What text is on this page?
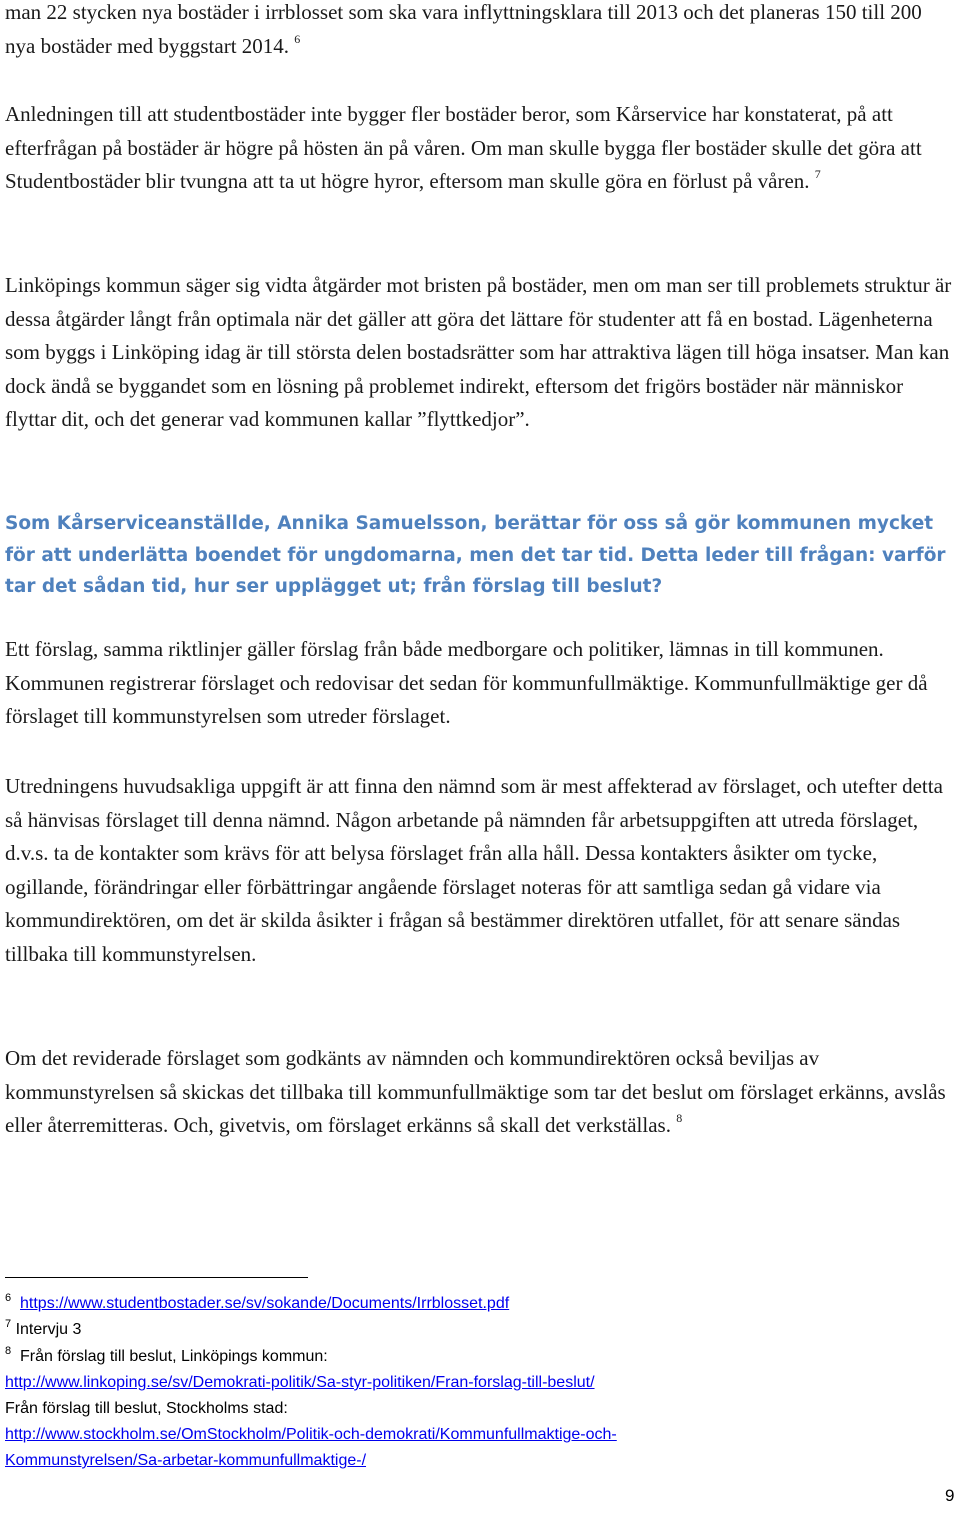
man 22 stycken nya bostäder i irrblosset som ska vara inflyttningsklara till 2013 och det planeras 150 till 200 nya bostäder med byggstart 2014. $^6$

Anledningen till att studentbostäder inte bygger fler bostäder beror, som Kårservice har konstaterat, på att efterfrågan på bostäder är högre på hösten än på våren. Om man skulle bygga fler bostäder skulle det göra att Studentbostäder blir tvungna att ta ut högre hyror, eftersom man skulle göra en förlust på våren. $^7$

Linköpings kommun säger sig vidta åtgärder mot bristen på bostäder, men om man ser till problemets struktur är dessa åtgärder långt från optimala när det gäller att göra det lättare för studenter att få en bostad. Lägenheterna som byggs i Linköping idag är till största delen bostadsrätter som har attraktiva lägen till höga insatser. Man kan dock ändå se byggandet som en lösning på problemet indirekt, eftersom det frigörs bostäder när människor flyttar dit, och det generar vad kommunen kallar ”flyttkedjor”.

Som Kårserviceanställde, Annika Samuelsson, berättar för oss så gör kommunen mycket för att underlätta boendet för ungdomarna, men det tar tid. Detta leder till frågan: varför tar det sådan tid, hur ser upplägget ut; från förslag till beslut?

Ett förslag, samma riktlinjer gäller förslag från både medborgare och politiker, lämnas in till kommunen. Kommunen registrerar förslaget och redovisar det sedan för kommunfullmäktige. Kommunfullmäktige ger då förslaget till kommunstyrelsen som utreder förslaget.

Utredningens huvudsakliga uppgift är att finna den nämnd som är mest affekterad av förslaget, och utefter detta så hänvisas förslaget till denna nämnd. Någon arbetande på nämnden får arbetsuppgiften att utreda förslaget, d.v.s. ta de kontakter som krävs för att belysa förslaget från alla håll. Dessa kontakters åsikter om tycke, ogillande, förändringar eller förbättringar angående förslaget noteras för att samtliga sedan gå vidare via kommundirektören, om det är skilda åsikter i frågan så bestämmer direktören utfallet, för att senare sändas tillbaka till kommunstyrelsen.

Om det reviderade förslaget som godkänts av nämnden och kommundirektören också beviljas av kommunstyrelsen så skickas det tillbaka till kommunfullmäktige som tar det beslut om förslaget erkänns, avslås eller återremitteras. Och, givetvis, om förslaget erkänns så skall det verkställas. $^8$

$^6$ https://www.studentbostader.se/sv/sokande/Documents/Irrblosset.pdf

$^7$ Intervju 3

$^8$ Från förslag till beslut, Linköpings kommun:

http://www.linkoping.se/sv/Demokrati-politik/Sa-styr-politiken/Fran-forslag-till-beslut/

Från förslag till beslut, Stockholms stad:

http://www.stockholm.se/OmStockholm/Politik-och-demokrati/Kommunfullmaktige-och-

Kommunstyrelsen/Sa-arbetar-kommunfullmaktige-/

9
